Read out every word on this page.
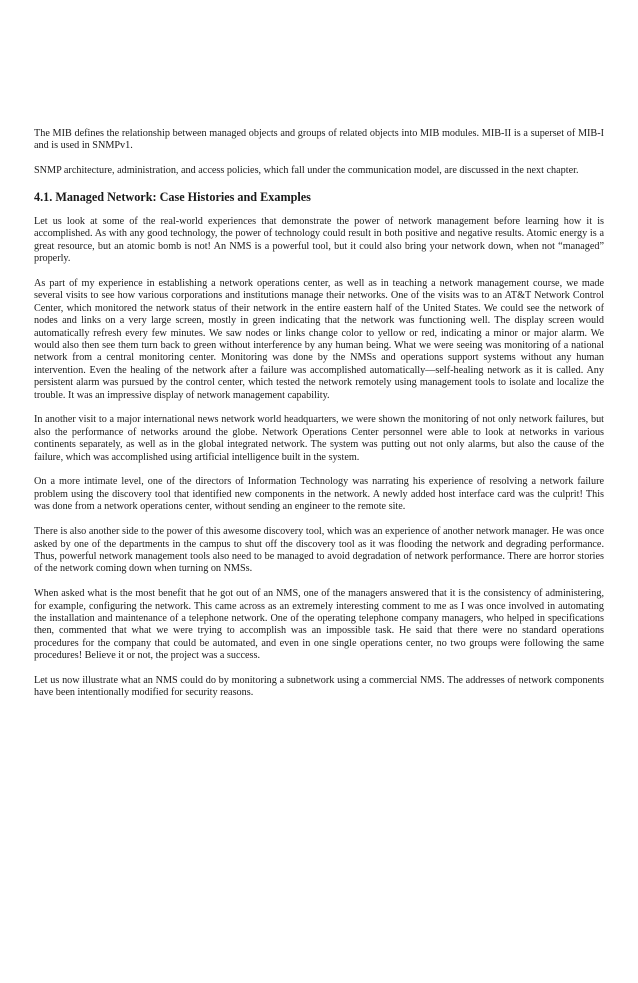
The MIB defines the relationship between managed objects and groups of related objects into MIB modules. MIB-II is a superset of MIB-I and is used in SNMPv1.

SNMP architecture, administration, and access policies, which fall under the communication model, are discussed in the next chapter.

4.1. Managed Network: Case Histories and Examples

Let us look at some of the real-world experiences that demonstrate the power of network management before learning how it is accomplished. As with any good technology, the power of technology could result in both positive and negative results. Atomic energy is a great resource, but an atomic bomb is not! An NMS is a powerful tool, but it could also bring your network down, when not “managed” properly.

As part of my experience in establishing a network operations center, as well as in teaching a network management course, we made several visits to see how various corporations and institutions manage their networks. One of the visits was to an AT&T Network Control Center, which monitored the network status of their network in the entire eastern half of the United States. We could see the network of nodes and links on a very large screen, mostly in green indicating that the network was functioning well. The display screen would automatically refresh every few minutes. We saw nodes or links change color to yellow or red, indicating a minor or major alarm. We would also then see them turn back to green without interference by any human being. What we were seeing was monitoring of a national network from a central monitoring center. Monitoring was done by the NMSs and operations support systems without any human intervention. Even the healing of the network after a failure was accomplished automatically—self-healing network as it is called. Any persistent alarm was pursued by the control center, which tested the network remotely using management tools to isolate and localize the trouble. It was an impressive display of network management capability.

In another visit to a major international news network world headquarters, we were shown the monitoring of not only network failures, but also the performance of networks around the globe. Network Operations Center personnel were able to look at networks in various continents separately, as well as in the global integrated network. The system was putting out not only alarms, but also the cause of the failure, which was accomplished using artificial intelligence built in the system.

On a more intimate level, one of the directors of Information Technology was narrating his experience of resolving a network failure problem using the discovery tool that identified new components in the network. A newly added host interface card was the culprit! This was done from a network operations center, without sending an engineer to the remote site.

There is also another side to the power of this awesome discovery tool, which was an experience of another network manager. He was once asked by one of the departments in the campus to shut off the discovery tool as it was flooding the network and degrading performance. Thus, powerful network management tools also need to be managed to avoid degradation of network performance. There are horror stories of the network coming down when turning on NMSs.

When asked what is the most benefit that he got out of an NMS, one of the managers answered that it is the consistency of administering, for example, configuring the network. This came across as an extremely interesting comment to me as I was once involved in automating the installation and maintenance of a telephone network. One of the operating telephone company managers, who helped in specifications then, commented that what we were trying to accomplish was an impossible task. He said that there were no standard operations procedures for the company that could be automated, and even in one single operations center, no two groups were following the same procedures! Believe it or not, the project was a success.

Let us now illustrate what an NMS could do by monitoring a subnetwork using a commercial NMS. The addresses of network components have been intentionally modified for security reasons.
